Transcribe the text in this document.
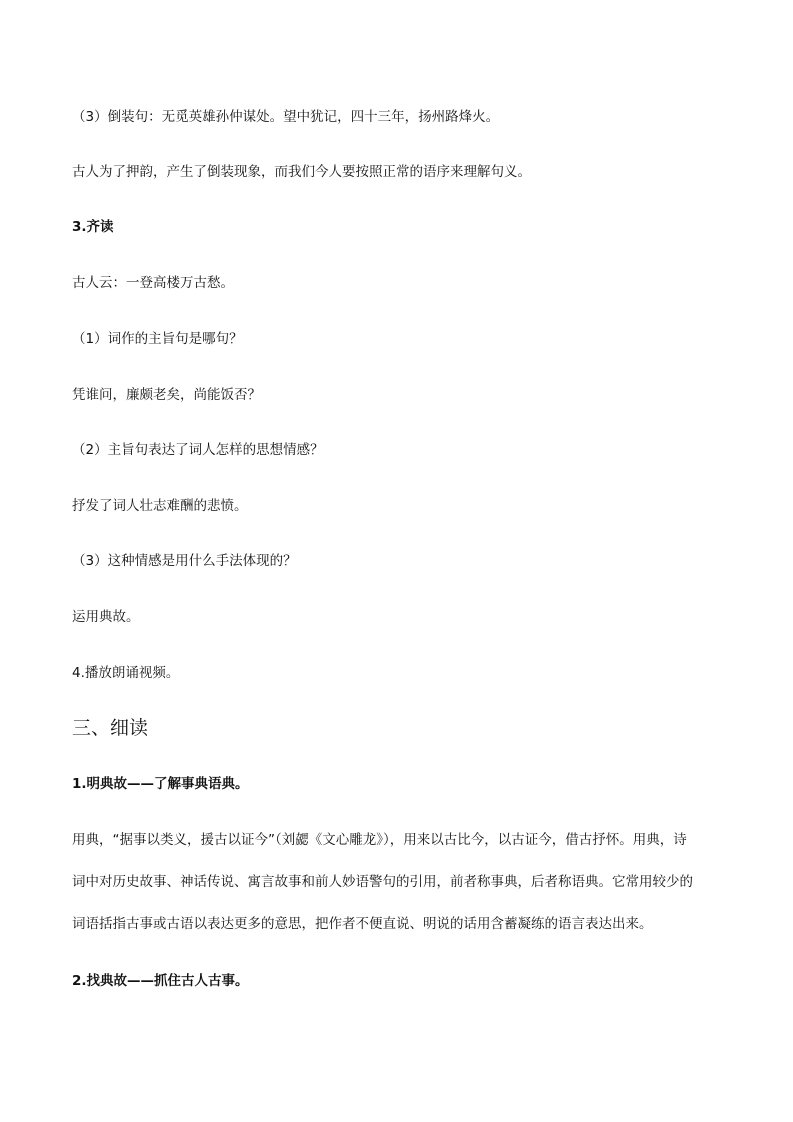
（3）倒装句：无觅英雄孙仲谋处。望中犹记，四十三年，扬州路烽火。
古人为了押韵，产生了倒装现象，而我们今人要按照正常的语序来理解句义。
3.齐读
古人云：一登高楼万古愁。
（1）词作的主旨句是哪句？
凭谁问，廉颇老矣，尚能饭否？
（2）主旨句表达了词人怎样的思想情感？
抒发了词人壮志难酬的悲愤。
（3）这种情感是用什么手法体现的？
运用典故。
4.播放朗诵视频。
三、细读
1.明典故——了解事典语典。
用典，“据事以类义，援古以证今”（刘勰《文心雕龙》），用来以古比今，以古证今，借古抒怀。用典，诗
词中对历史故事、神话传说、寓言故事和前人妙语警句的引用，前者称事典，后者称语典。它常用较少的
词语括指古事或古语以表达更多的意思，把作者不便直说、明说的话用含蓄凝练的语言表达出来。
2.找典故——抓住古人古事。
